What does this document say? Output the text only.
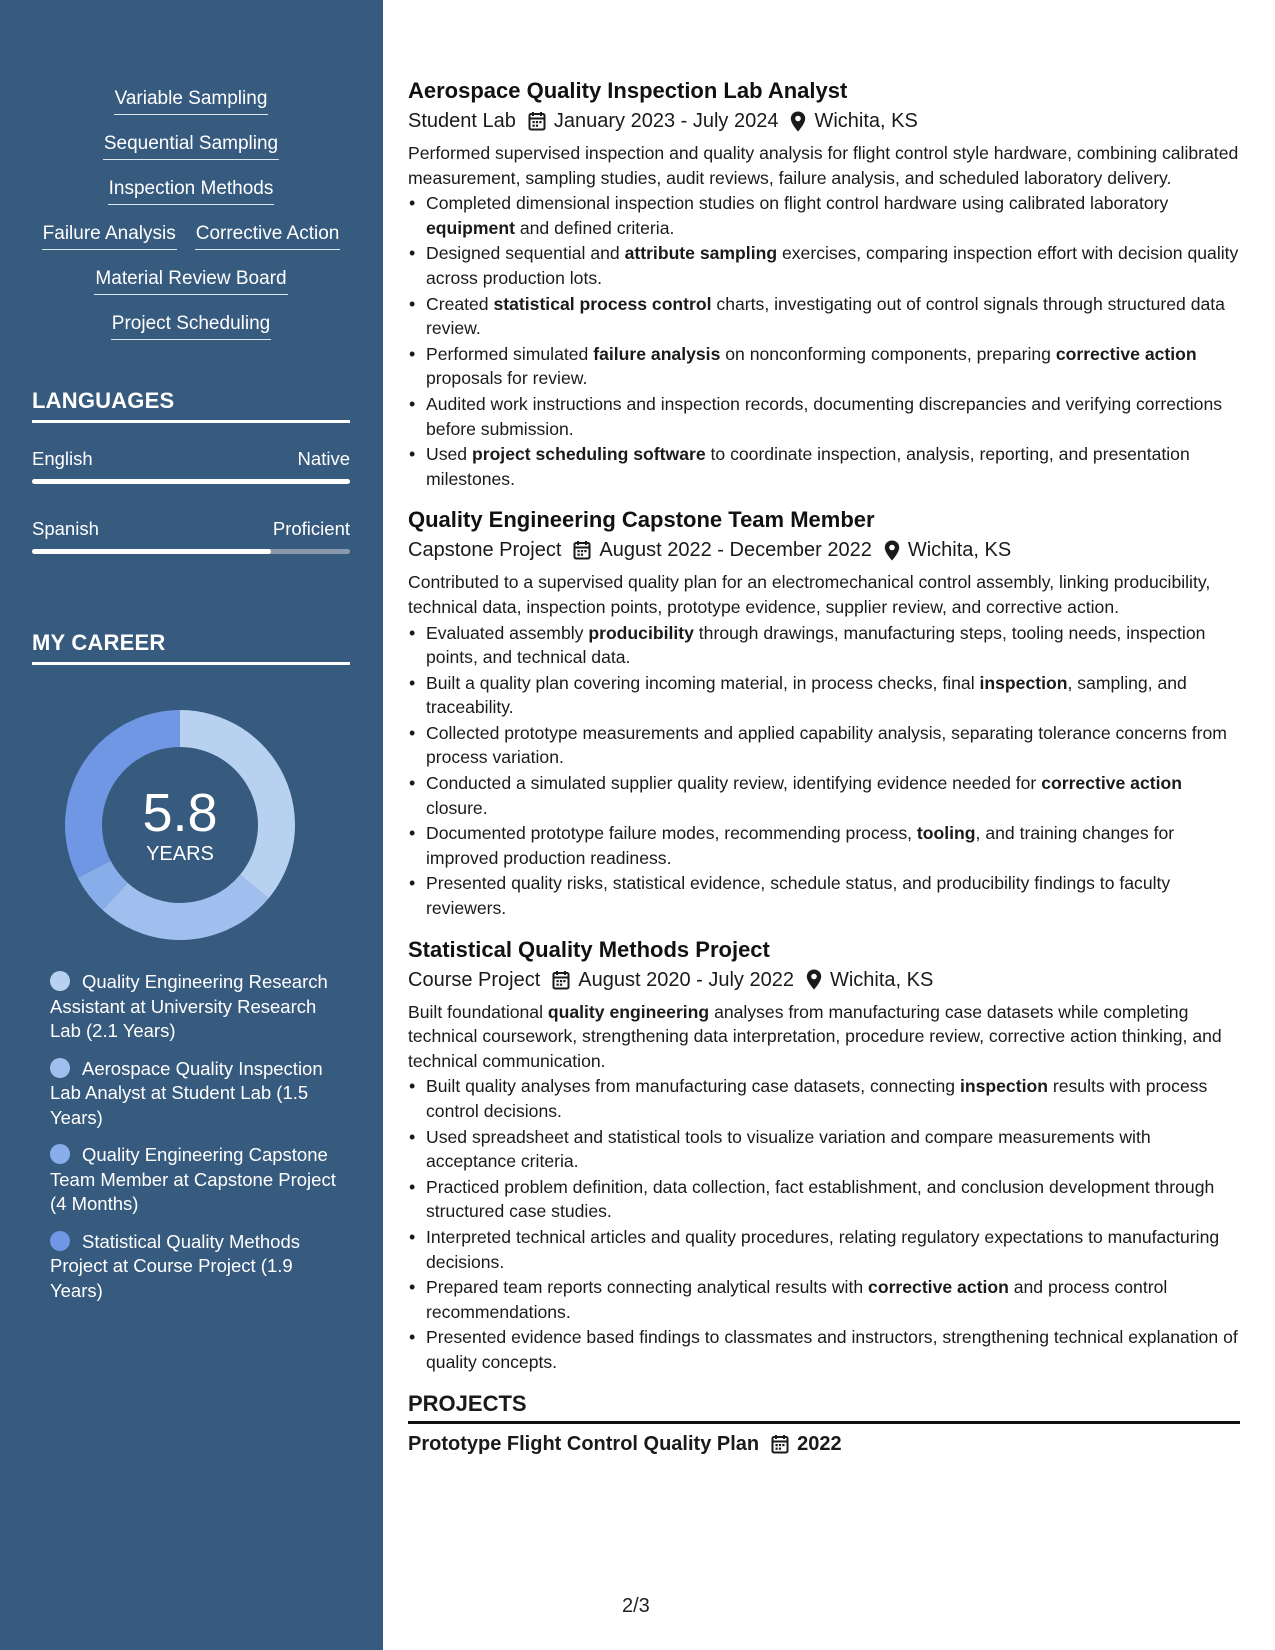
Variable Sampling
Sequential Sampling
Inspection Methods
Failure Analysis Corrective Action
Material Review Board
Project Scheduling
LANGUAGES
English	Native
Spanish	Proficient
MY CAREER
5.8
YEARS
Quality Engineering Research Assistant at University Research Lab (2.1 Years)
Aerospace Quality Inspection Lab Analyst at Student Lab (1.5 Years)
Quality Engineering Capstone Team Member at Capstone Project (4 Months)
Statistical Quality Methods Project at Course Project (1.9 Years)
Aerospace Quality Inspection Lab Analyst
Student Lab January 2023 - July 2024 Wichita, KS
Performed supervised inspection and quality analysis for flight control style hardware, combining calibrated measurement, sampling studies, audit reviews, failure analysis, and scheduled laboratory delivery.
• Completed dimensional inspection studies on flight control hardware using calibrated laboratory equipment and defined criteria.
• Designed sequential and attribute sampling exercises, comparing inspection effort with decision quality across production lots.
• Created statistical process control charts, investigating out of control signals through structured data review.
• Performed simulated failure analysis on nonconforming components, preparing corrective action proposals for review.
• Audited work instructions and inspection records, documenting discrepancies and verifying corrections before submission.
• Used project scheduling software to coordinate inspection, analysis, reporting, and presentation milestones.
Quality Engineering Capstone Team Member
Capstone Project August 2022 - December 2022 Wichita, KS
Contributed to a supervised quality plan for an electromechanical control assembly, linking producibility, technical data, inspection points, prototype evidence, supplier review, and corrective action.
• Evaluated assembly producibility through drawings, manufacturing steps, tooling needs, inspection points, and technical data.
• Built a quality plan covering incoming material, in process checks, final inspection, sampling, and traceability.
• Collected prototype measurements and applied capability analysis, separating tolerance concerns from process variation.
• Conducted a simulated supplier quality review, identifying evidence needed for corrective action closure.
• Documented prototype failure modes, recommending process, tooling, and training changes for improved production readiness.
• Presented quality risks, statistical evidence, schedule status, and producibility findings to faculty reviewers.
Statistical Quality Methods Project
Course Project August 2020 - July 2022 Wichita, KS
Built foundational quality engineering analyses from manufacturing case datasets while completing technical coursework, strengthening data interpretation, procedure review, corrective action thinking, and technical communication.
• Built quality analyses from manufacturing case datasets, connecting inspection results with process control decisions.
• Used spreadsheet and statistical tools to visualize variation and compare measurements with acceptance criteria.
• Practiced problem definition, data collection, fact establishment, and conclusion development through structured case studies.
• Interpreted technical articles and quality procedures, relating regulatory expectations to manufacturing decisions.
• Prepared team reports connecting analytical results with corrective action and process control recommendations.
• Presented evidence based findings to classmates and instructors, strengthening technical explanation of quality concepts.
PROJECTS
Prototype Flight Control Quality Plan 2022
2/3
